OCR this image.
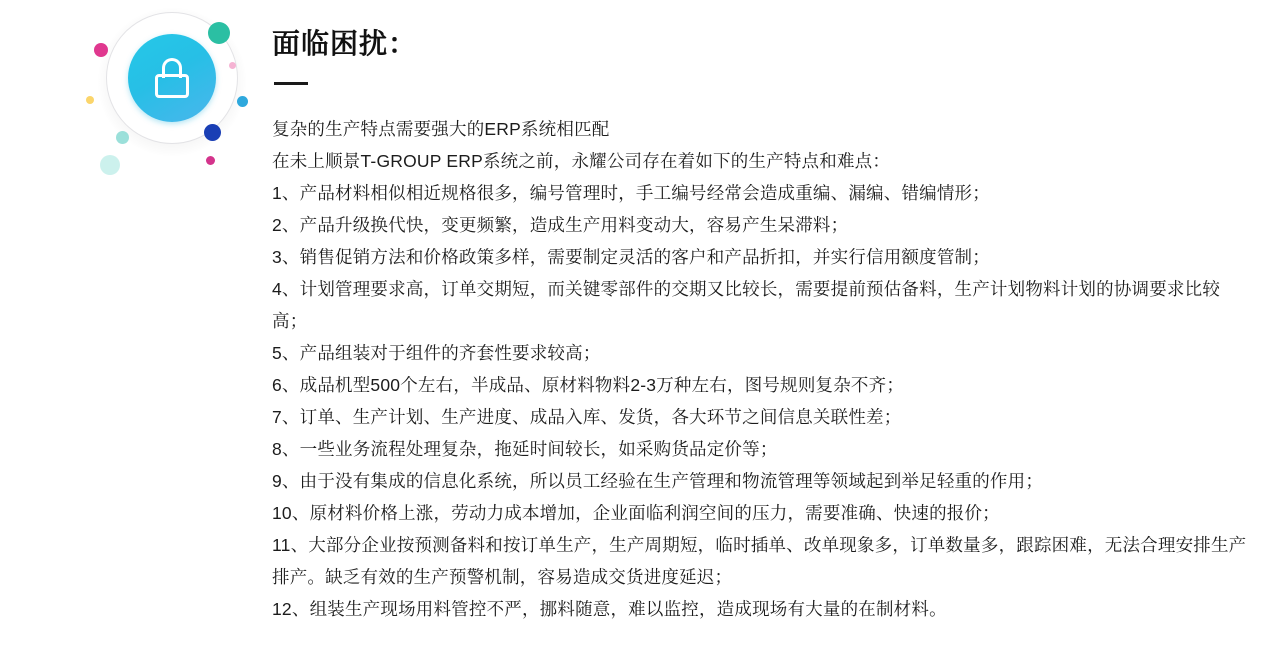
面临困扰：

复杂的生产特点需要强大的ERP系统相匹配

在未上顺景T-GROUP ERP系统之前，永耀公司存在着如下的生产特点和难点：

1、产品材料相似相近规格很多，编号管理时，手工编号经常会造成重编、漏编、错编情形；

2、产品升级换代快，变更频繁，造成生产用料变动大，容易产生呆滞料；

3、销售促销方法和价格政策多样，需要制定灵活的客户和产品折扣，并实行信用额度管制；

4、计划管理要求高，订单交期短，而关键零部件的交期又比较长，需要提前预估备料，生产计划物料计划的协调要求比较高；

5、产品组装对于组件的齐套性要求较高；

6、成品机型500个左右，半成品、原材料物料2-3万种左右，图号规则复杂不齐；

7、订单、生产计划、生产进度、成品入库、发货，各大环节之间信息关联性差；

8、一些业务流程处理复杂，拖延时间较长，如采购货品定价等；

9、由于没有集成的信息化系统，所以员工经验在生产管理和物流管理等领域起到举足轻重的作用；

10、原材料价格上涨，劳动力成本增加，企业面临利润空间的压力，需要准确、快速的报价；

11、大部分企业按预测备料和按订单生产，生产周期短，临时插单、改单现象多，订单数量多，跟踪困难，无法合理安排生产排产。缺乏有效的生产预警机制，容易造成交货进度延迟；

12、组装生产现场用料管控不严，挪料随意，难以监控，造成现场有大量的在制材料。
